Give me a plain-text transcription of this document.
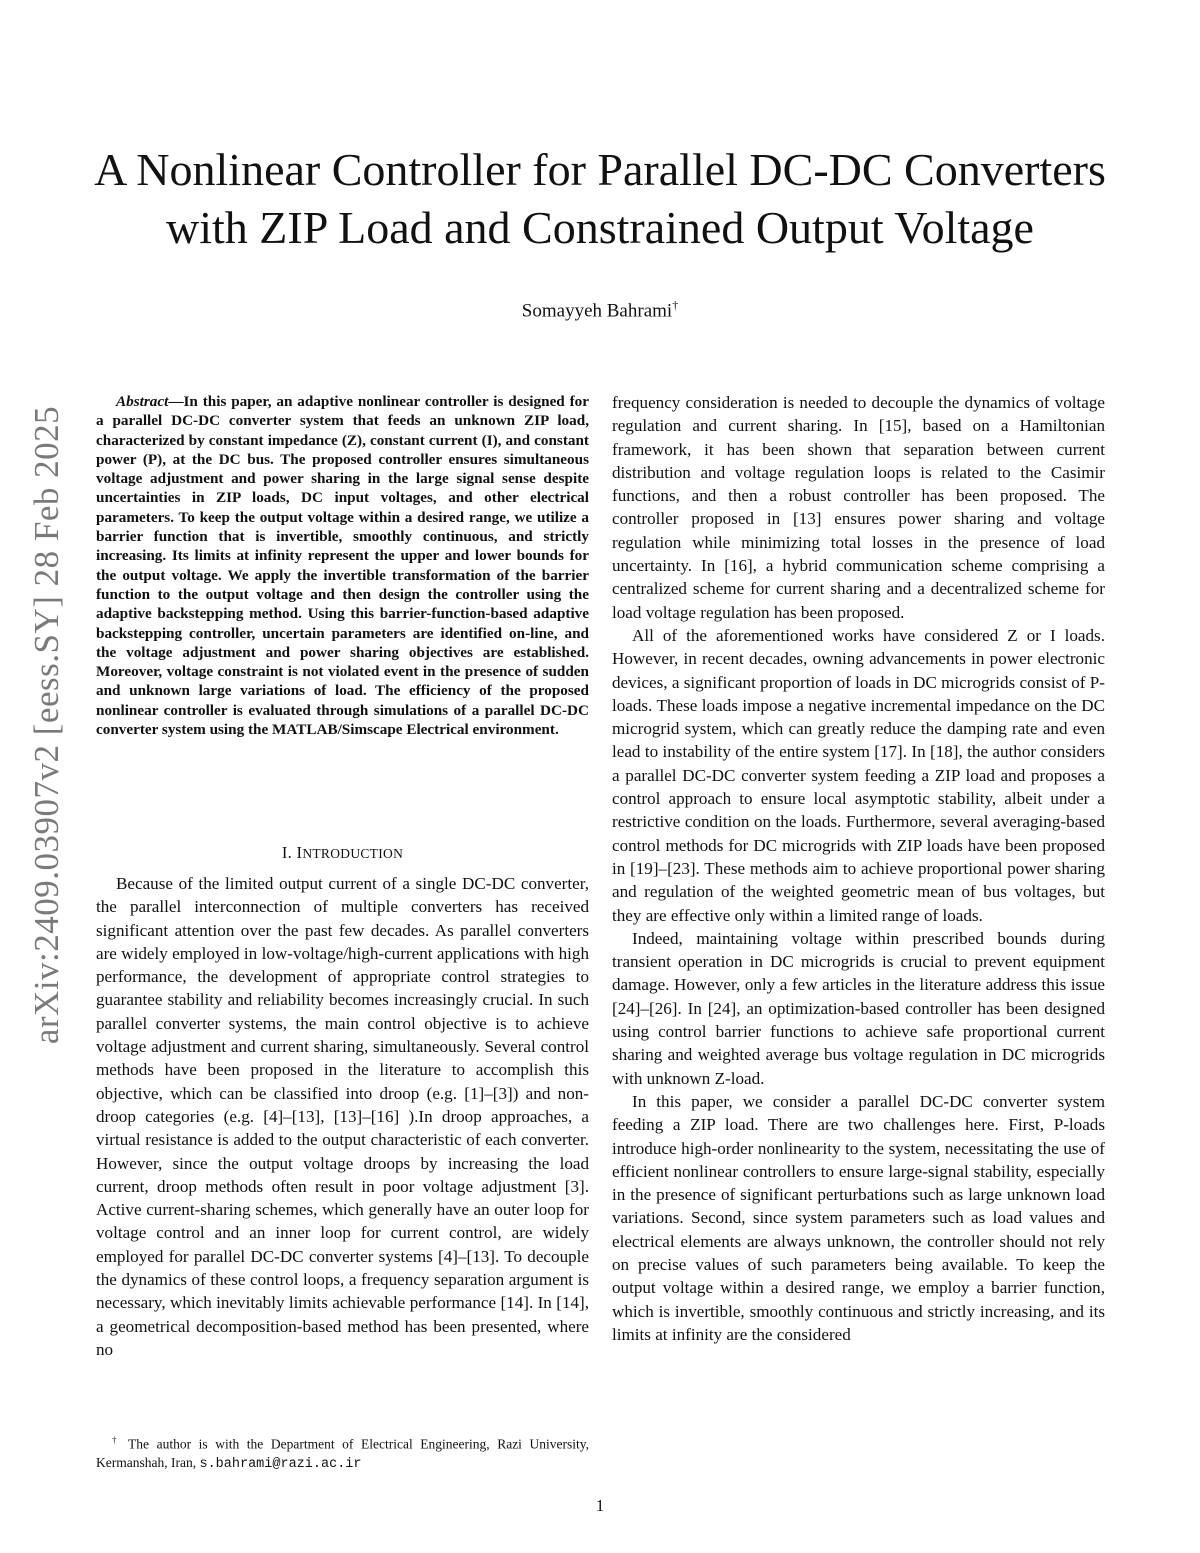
A Nonlinear Controller for Parallel DC-DC Converters with ZIP Load and Constrained Output Voltage
Somayyeh Bahrami†
arXiv:2409.03907v2 [eess.SY] 28 Feb 2025

Abstract—In this paper, an adaptive nonlinear controller is designed for a parallel DC-DC converter system that feeds an unknown ZIP load, characterized by constant impedance (Z), constant current (I), and constant power (P), at the DC bus. The proposed controller ensures simultaneous voltage adjustment and power sharing in the large signal sense despite uncertainties in ZIP loads, DC input voltages, and other electrical parameters. To keep the output voltage within a desired range, we utilize a barrier function that is invertible, smoothly continuous, and strictly increasing. Its limits at infinity represent the upper and lower bounds for the output voltage. We apply the invertible transformation of the barrier function to the output voltage and then design the controller using the adaptive backstepping method. Using this barrier-function-based adaptive backstepping controller, uncertain parameters are identified on-line, and the voltage adjustment and power sharing objectives are established. Moreover, voltage constraint is not violated event in the presence of sudden and unknown large variations of load. The efficiency of the proposed nonlinear controller is evaluated through simulations of a parallel DC-DC converter system using the MATLAB/Simscape Electrical environment.

I. INTRODUCTION

Because of the limited output current of a single DC-DC converter, the parallel interconnection of multiple converters has received significant attention over the past few decades. As parallel converters are widely employed in low-voltage/high-current applications with high performance, the development of appropriate control strategies to guarantee stability and reliability becomes increasingly crucial. In such parallel converter systems, the main control objective is to achieve voltage adjustment and current sharing, simultaneously. Several control methods have been proposed in the literature to accomplish this objective, which can be classified into droop (e.g. [1]–[3]) and non-droop categories (e.g. [4]–[13], [13]–[16] ).In droop approaches, a virtual resistance is added to the output characteristic of each converter. However, since the output voltage droops by increasing the load current, droop methods often result in poor voltage adjustment [3]. Active current-sharing schemes, which generally have an outer loop for voltage control and an inner loop for current control, are widely employed for parallel DC-DC converter systems [4]–[13]. To decouple the dynamics of these control loops, a frequency separation argument is necessary, which inevitably limits achievable performance [14]. In [14], a geometrical decomposition-based method has been presented, where no

frequency consideration is needed to decouple the dynamics of voltage regulation and current sharing. In [15], based on a Hamiltonian framework, it has been shown that separation between current distribution and voltage regulation loops is related to the Casimir functions, and then a robust controller has been proposed. The controller proposed in [13] ensures power sharing and voltage regulation while minimizing total losses in the presence of load uncertainty. In [16], a hybrid communication scheme comprising a centralized scheme for current sharing and a decentralized scheme for load voltage regulation has been proposed.

All of the aforementioned works have considered Z or I loads. However, in recent decades, owning advancements in power electronic devices, a significant proportion of loads in DC microgrids consist of P-loads. These loads impose a negative incremental impedance on the DC microgrid system, which can greatly reduce the damping rate and even lead to instability of the entire system [17]. In [18], the author considers a parallel DC-DC converter system feeding a ZIP load and proposes a control approach to ensure local asymptotic stability, albeit under a restrictive condition on the loads. Furthermore, several averaging-based control methods for DC microgrids with ZIP loads have been proposed in [19]–[23]. These methods aim to achieve proportional power sharing and regulation of the weighted geometric mean of bus voltages, but they are effective only within a limited range of loads.

Indeed, maintaining voltage within prescribed bounds during transient operation in DC microgrids is crucial to prevent equipment damage. However, only a few articles in the literature address this issue [24]–[26]. In [24], an optimization-based controller has been designed using control barrier functions to achieve safe proportional current sharing and weighted average bus voltage regulation in DC microgrids with unknown Z-load.

In this paper, we consider a parallel DC-DC converter system feeding a ZIP load. There are two challenges here. First, P-loads introduce high-order nonlinearity to the system, necessitating the use of efficient nonlinear controllers to ensure large-signal stability, especially in the presence of significant perturbations such as large unknown load variations. Second, since system parameters such as load values and electrical elements are always unknown, the controller should not rely on precise values of such parameters being available. To keep the output voltage within a desired range, we employ a barrier function, which is invertible, smoothly continuous and strictly increasing, and its limits at infinity are the considered

† The author is with the Department of Electrical Engineering, Razi University, Kermanshah, Iran, s.bahrami@razi.ac.ir
1
